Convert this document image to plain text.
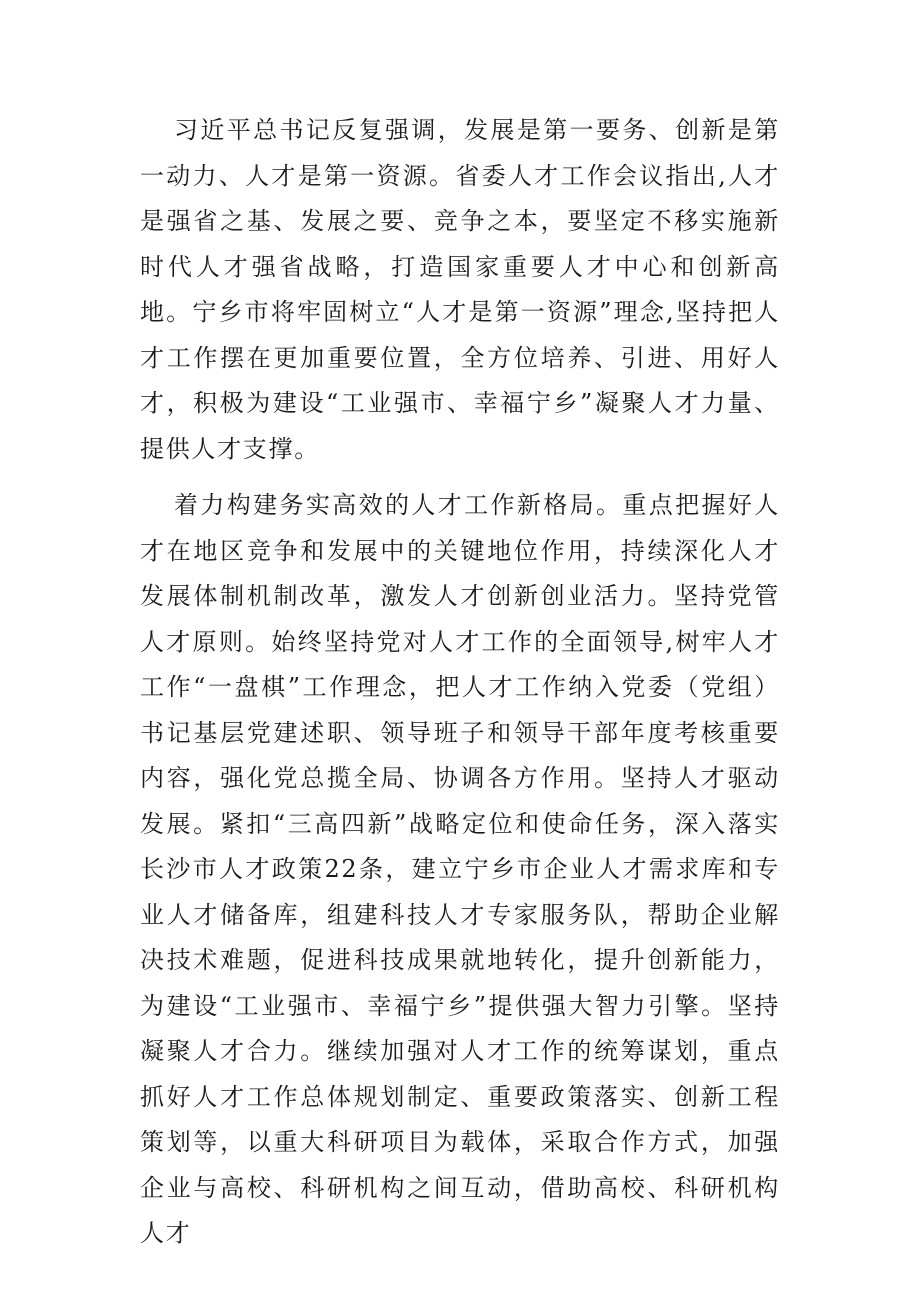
习近平总书记反复强调，发展是第一要务、创新是第一动力、人才是第一资源。省委人才工作会议指出,人才是强省之基、发展之要、竞争之本，要坚定不移实施新时代人才强省战略，打造国家重要人才中心和创新高地。宁乡市将牢固树立“人才是第一资源”理念,坚持把人才工作摆在更加重要位置，全方位培养、引进、用好人才，积极为建设“工业强市、幸福宁乡”凝聚人才力量、提供人才支撑。

着力构建务实高效的人才工作新格局。重点把握好人才在地区竞争和发展中的关键地位作用，持续深化人才发展体制机制改革，激发人才创新创业活力。坚持党管人才原则。始终坚持党对人才工作的全面领导,树牢人才工作“一盘棋”工作理念，把人才工作纳入党委（党组）书记基层党建述职、领导班子和领导干部年度考核重要内容，强化党总揽全局、协调各方作用。坚持人才驱动发展。紧扣“三高四新”战略定位和使命任务，深入落实长沙市人才政策22条，建立宁乡市企业人才需求库和专业人才储备库，组建科技人才专家服务队，帮助企业解决技术难题，促进科技成果就地转化，提升创新能力，为建设“工业强市、幸福宁乡”提供强大智力引擎。坚持凝聚人才合力。继续加强对人才工作的统筹谋划，重点抓好人才工作总体规划制定、重要政策落实、创新工程策划等，以重大科研项目为载体，采取合作方式，加强企业与高校、科研机构之间互动，借助高校、科研机构人才
